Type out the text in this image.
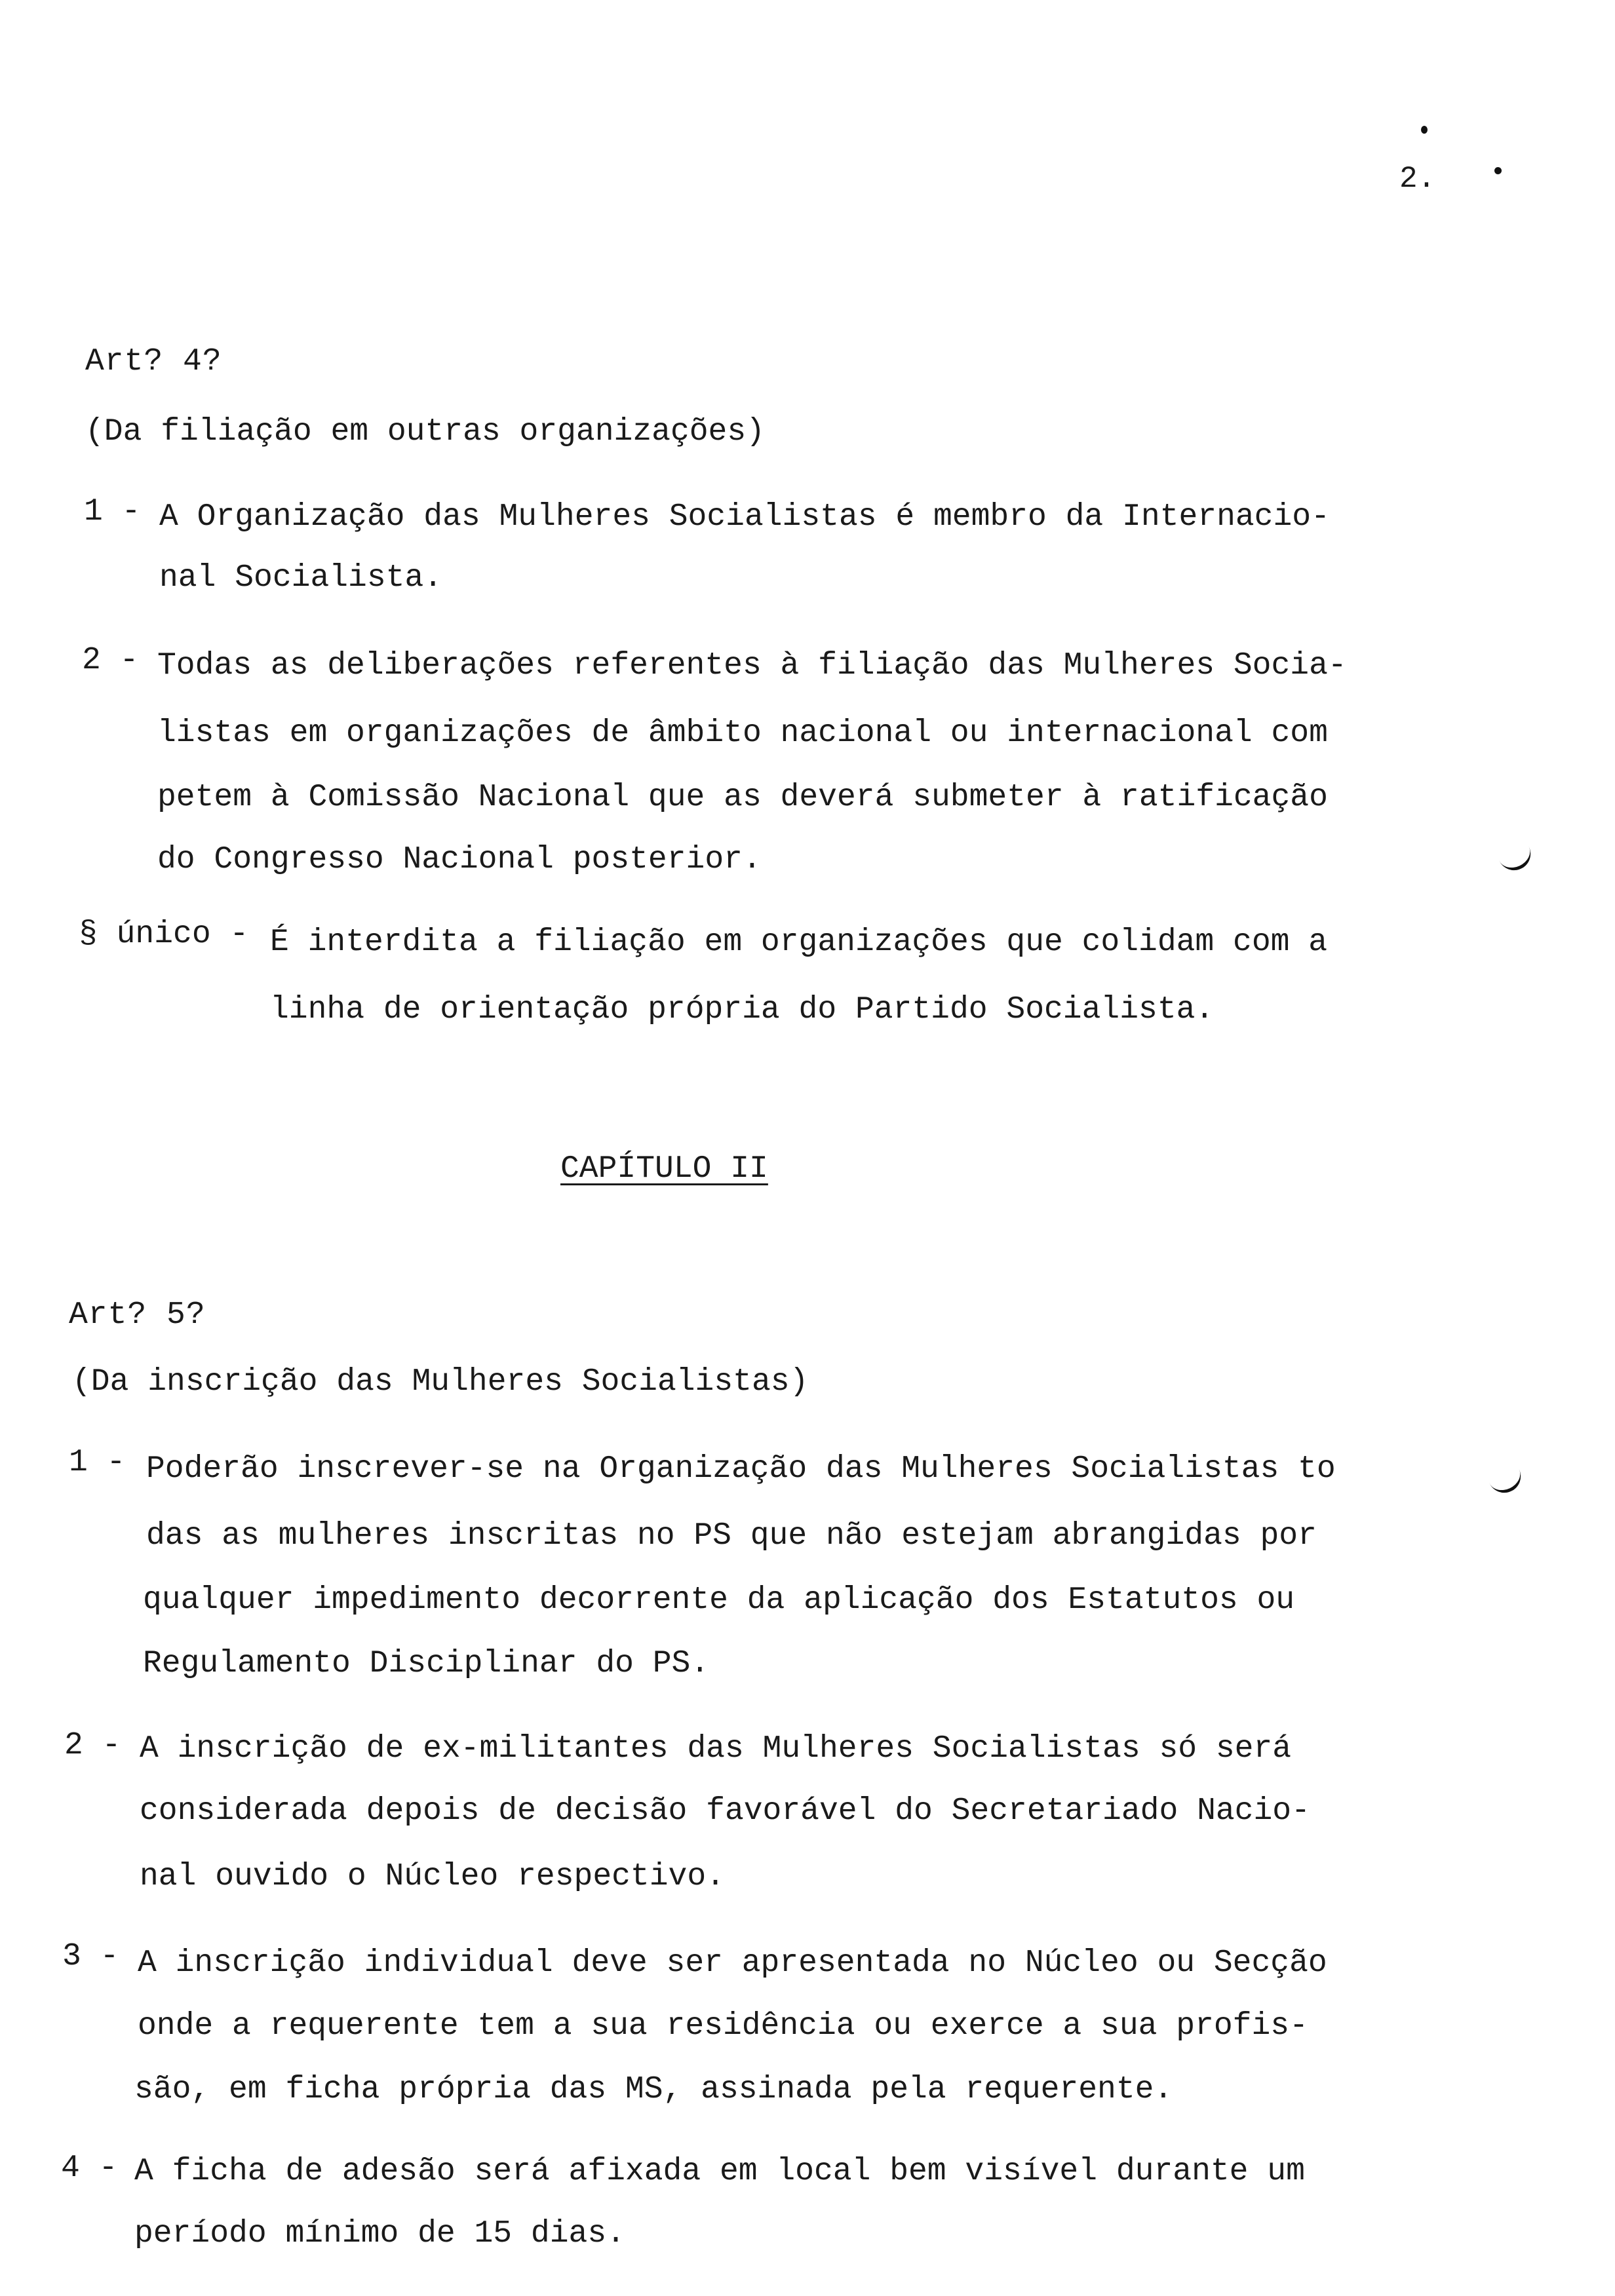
2.
Art? 4?
(Da filiação em outras organizações)
1 - A Organização das Mulheres Socialistas é membro da Internacio-
nal Socialista.
2 - Todas as deliberações referentes à filiação das Mulheres Socia-
listas em organizações de âmbito nacional ou internacional com
petem à Comissão Nacional que as deverá submeter à ratificação
do Congresso Nacional posterior.
§ único - É interdita a filiação em organizações que colidam com a
linha de orientação própria do Partido Socialista.
CAPÍTULO II
Art? 5?
(Da inscrição das Mulheres Socialistas)
1 - Poderão inscrever-se na Organização das Mulheres Socialistas to
das as mulheres inscritas no PS que não estejam abrangidas por
qualquer impedimento decorrente da aplicação dos Estatutos ou
Regulamento Disciplinar do PS.
2 - A inscrição de ex-militantes das Mulheres Socialistas só será
considerada depois de decisão favorável do Secretariado Nacio-
nal ouvido o Núcleo respectivo.
3 - A inscrição individual deve ser apresentada no Núcleo ou Secção
onde a requerente tem a sua residência ou exerce a sua profis-
são, em ficha própria das MS, assinada pela requerente.
4 - A ficha de adesão será afixada em local bem visível durante um
período mínimo de 15 dias.
